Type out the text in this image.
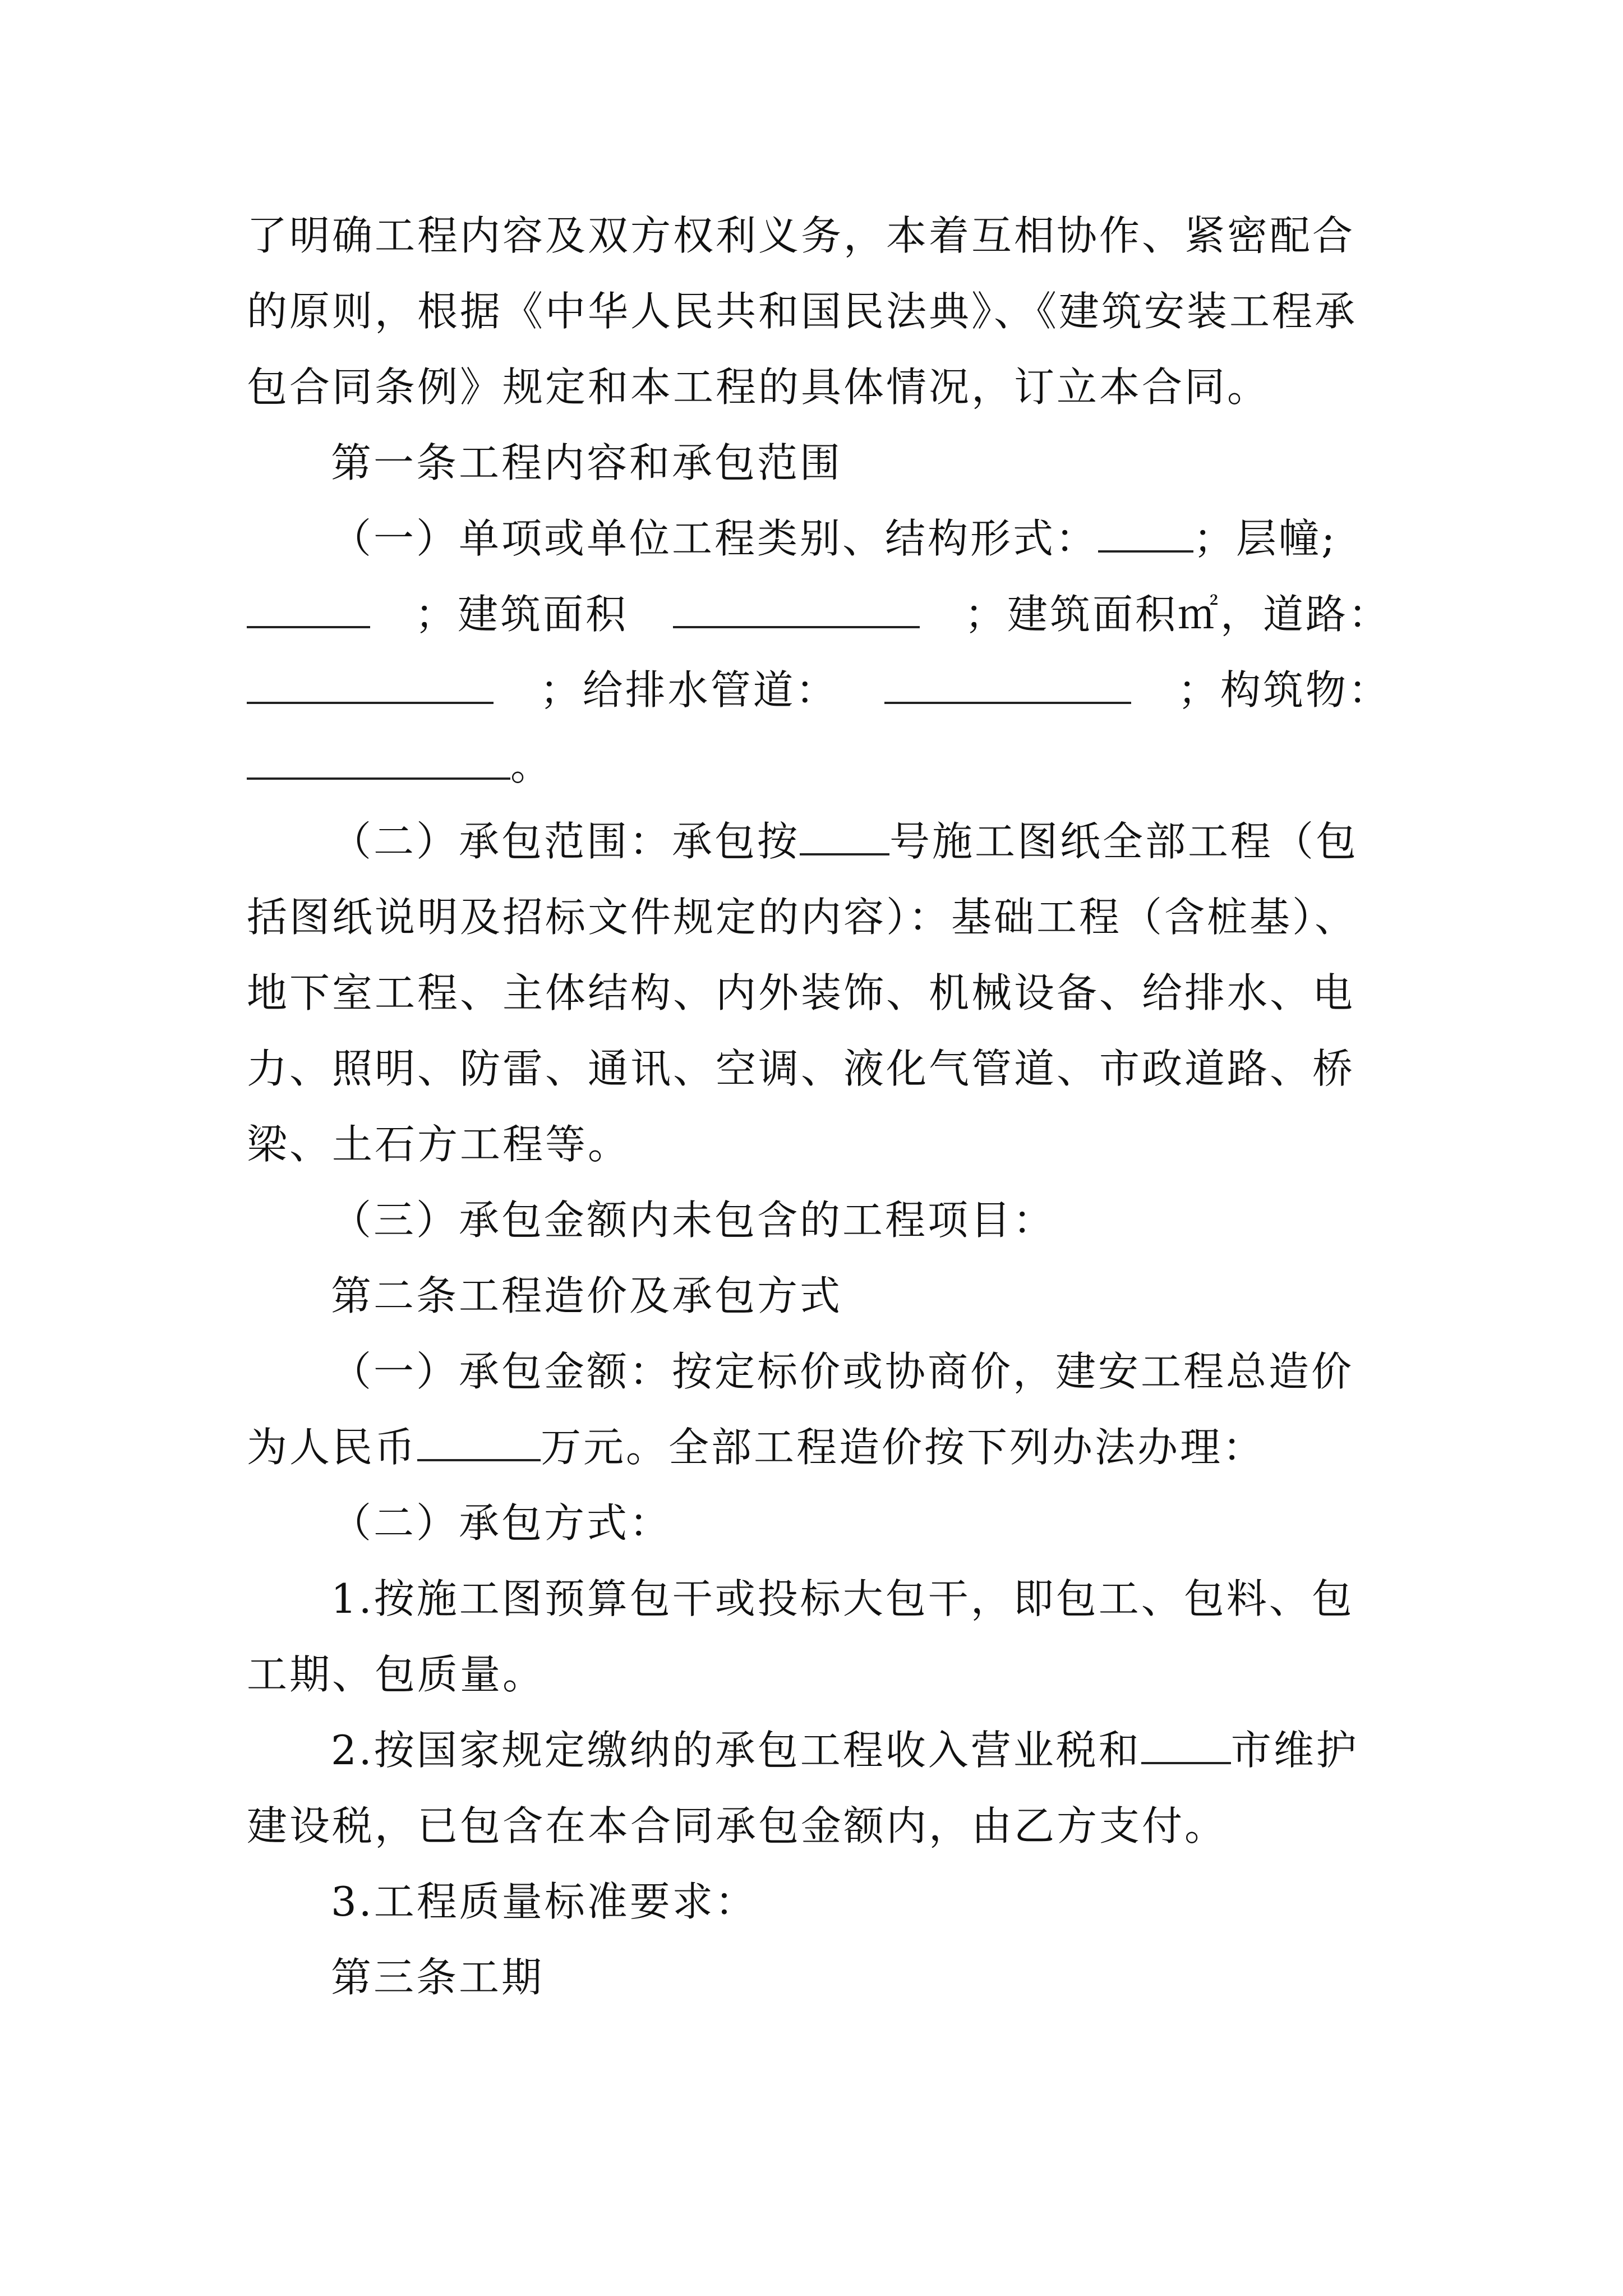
了明确工程内容及双方权利义务，本着互相协作、紧密配合
的原则，根据《中华人民共和国民法典》、《建筑安装工程承
包合同条例》规定和本工程的具体情况，订立本合同。
第一条工程内容和承包范围
（一）单项或单位工程类别、结构形式： ；层幢;
；建筑面积	；建筑面积㎡，道路：
；给排水管道：	；构筑物：
。
（二）承包范围：承包按 号施工图纸全部工程（包
括图纸说明及招标文件规定的内容）：基础工程（含桩基）、
地下室工程、主体结构、内外装饰、机械设备、给排水、电
力、照明、防雷、通讯、空调、液化气管道、市政道路、桥
梁、土石方工程等。
（三）承包金额内未包含的工程项目：
第二条工程造价及承包方式
（一）承包金额：按定标价或协商价，建安工程总造价
为人民币	万元。全部工程造价按下列办法办理：
（二）承包方式：
1.按施工图预算包干或投标大包干，即包工、包料、包
工期、包质量。
2.按国家规定缴纳的承包工程收入营业税和 市维护
建设税，已包含在本合同承包金额内，由乙方支付。
3.工程质量标准要求：
第三条工期
